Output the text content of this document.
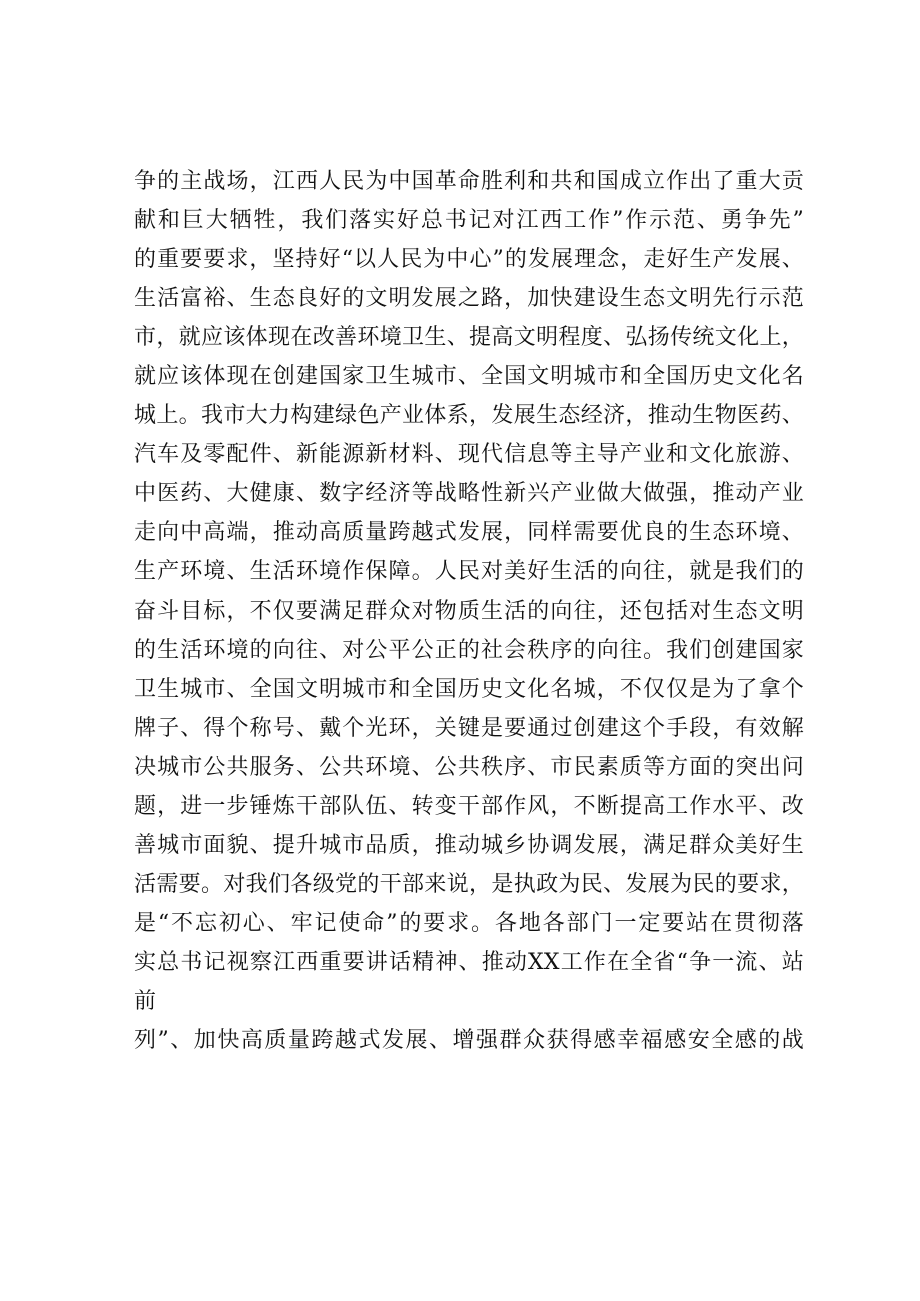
争的主战场，江西人民为中国革命胜利和共和国成立作出了重大贡
献和巨大牺牲，我们落实好总书记对江西工作”作示范、勇争先”
的重要要求，坚持好“以人民为中心”的发展理念，走好生产发展、
生活富裕、生态良好的文明发展之路，加快建设生态文明先行示范
市，就应该体现在改善环境卫生、提高文明程度、弘扬传统文化上，
就应该体现在创建国家卫生城市、全国文明城市和全国历史文化名
城上。我市大力构建绿色产业体系，发展生态经济，推动生物医药、
汽车及零配件、新能源新材料、现代信息等主导产业和文化旅游、
中医药、大健康、数字经济等战略性新兴产业做大做强，推动产业
走向中高端，推动高质量跨越式发展，同样需要优良的生态环境、
生产环境、生活环境作保障。人民对美好生活的向往，就是我们的
奋斗目标，不仅要满足群众对物质生活的向往，还包括对生态文明
的生活环境的向往、对公平公正的社会秩序的向往。我们创建国家
卫生城市、全国文明城市和全国历史文化名城，不仅仅是为了拿个
牌子、得个称号、戴个光环，关键是要通过创建这个手段，有效解
决城市公共服务、公共环境、公共秩序、市民素质等方面的突出问
题，进一步锤炼干部队伍、转变干部作风，不断提高工作水平、改
善城市面貌、提升城市品质，推动城乡协调发展，满足群众美好生
活需要。对我们各级党的干部来说，是执政为民、发展为民的要求，
是“不忘初心、牢记使命”的要求。各地各部门一定要站在贯彻落
实总书记视察江西重要讲话精神、推动XX工作在全省“争一流、站
前
列”、加快高质量跨越式发展、增强群众获得感幸福感安全感的战
